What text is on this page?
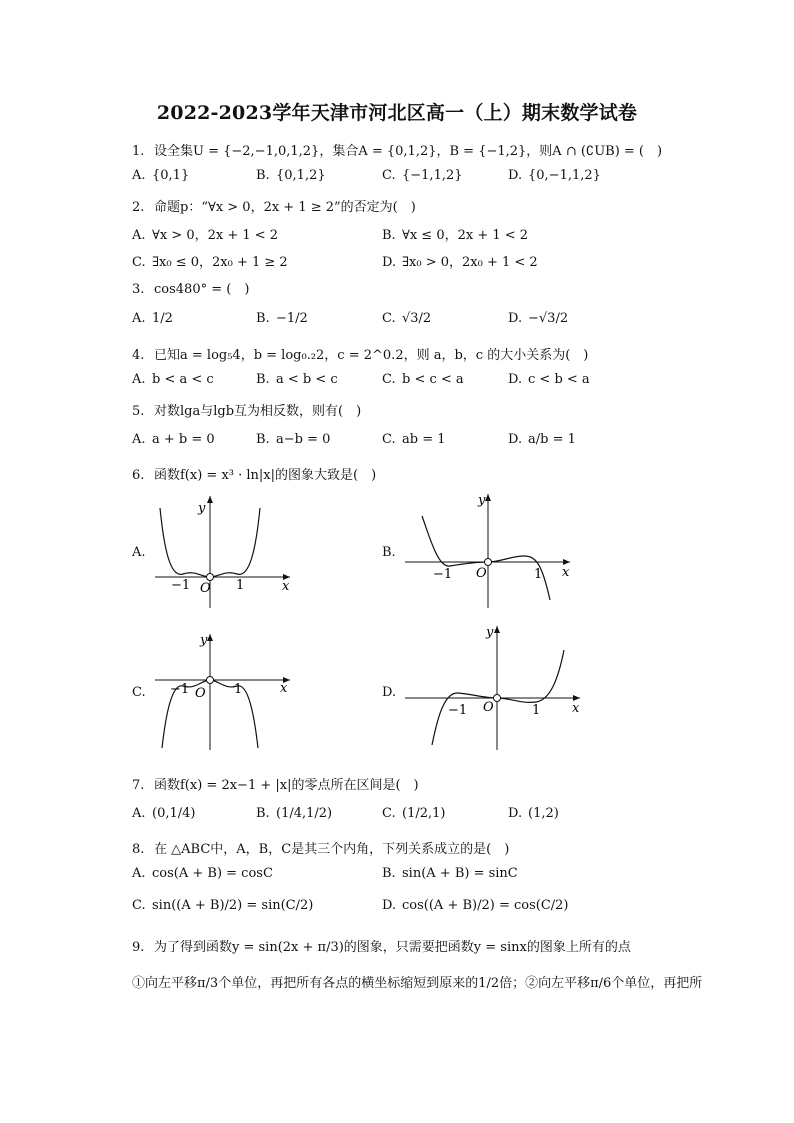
2022-2023学年天津市河北区高一（上）期末数学试卷
1. 设全集U = {−2,−1,0,1,2}，集合A = {0,1,2}，B = {−1,2}，则A ∩ (∁UB) = (　)
A. {0,1}	B. {0,1,2}	C. {−1,1,2}	D. {0,−1,1,2}
2. 命题p：“∀x > 0，2x + 1 ≥ 2”的否定为(　)
A. ∀x > 0，2x + 1 < 2	B. ∀x ≤ 0，2x + 1 < 2
C. ∃x₀ ≤ 0，2x₀ + 1 ≥ 2	D. ∃x₀ > 0，2x₀ + 1 < 2
3. cos480° = (　)
A. 1/2	B. −1/2	C. √3/2	D. −√3/2
4. 已知a = log₅4，b = log₀.₂2，c = 2^0.2，则 a，b，c 的大小关系为(　)
A. b < a < c	B. a < b < c	C. b < c < a	D. c < b < a
5. 对数lga与lgb互为相反数，则有(　)
A. a + b = 0	B. a−b = 0	C. ab = 1	D. a/b = 1
6. 函数f(x) = x³ · ln|x|的图象大致是(　)
A.
y
x
O
−1	1
B.
y
x
O
−1	1
C.
y
x
O
−1	1	D.
y
x
O
−1	1
7. 函数f(x) = 2x−1 + |x|的零点所在区间是(　)
A. (0,1/4)	B. (1/4,1/2)	C. (1/2,1)	D. (1,2)
8. 在 △ABC中，A，B，C是其三个内角，下列关系成立的是(　)
A. cos(A + B) = cosC	B. sin(A + B) = sinC
C. sin((A + B)/2) = sin(C/2)	D. cos((A + B)/2) = cos(C/2)
9. 为了得到函数y = sin(2x + π/3)的图象，只需要把函数y = sinx的图象上所有的点
①向左平移π/3个单位，再把所有各点的横坐标缩短到原来的1/2倍；②向左平移π/6个单位，再把所
